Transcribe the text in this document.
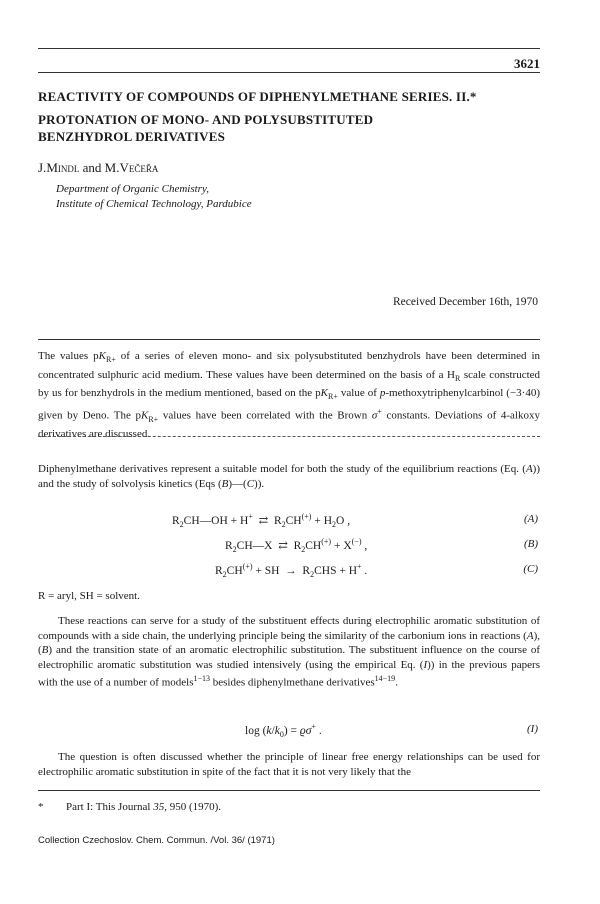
3621
REACTIVITY OF COMPOUNDS OF DIPHENYLMETHANE SERIES. II.*
PROTONATION OF MONO- AND POLYSUBSTITUTED
BENZHYDROL DERIVATIVES
J.Mindl and M.Večeřa
Department of Organic Chemistry,
Institute of Chemical Technology, Pardubice
Received December 16th, 1970
The values $pK_{R+}$ of a series of eleven mono- and six polysubstituted benzhydrols have been determined in concentrated sulphuric acid medium. These values have been determined on the basis of a $H_R$ scale constructed by us for benzhydrols in the medium mentioned, based on the $pK_{R+}$ value of p-methoxytriphenylcarbinol (−3·40) given by Deno. The $pK_{R+}$ values have been correlated with the Brown σ+ constants. Deviations of 4-alkoxy derivatives are discussed.
Diphenylmethane derivatives represent a suitable model for both the study of the equilibrium reactions (Eq. (A)) and the study of solvolysis kinetics (Eqs (B)—(C)).
$R_2CH—OH + H^+$  ⇄  $R_2CH^{(+)} + H_2O$ ,	(A)
$R_2CH—X$  ⇄  $R_2CH^{(+)} + X^{(-)}$ ,	(B)
$R_2CH^{(+)}$ + SH  →  $R_2CHS + H^+$ .	(C)
R = aryl, SH = solvent.
These reactions can serve for a study of the substituent effects during electrophilic aromatic substitution of compounds with a side chain, the underlying principle being the similarity of the carbonium ions in reactions (A), (B) and the transition state of an aromatic electrophilic substitution. The substituent influence on the course of electrophilic aromatic substitution was studied intensively (using the empirical Eq. (I)) in the previous papers with the use of a number of models$^{1-13}$ besides diphenylmethane derivatives$^{14-19}$.
$\log (k/k_0) = ϱ\sigma^+$ .	(I)
The question is often discussed whether the principle of linear free energy relationships can be used for electrophilic aromatic substitution in spite of the fact that it is not very likely that the
* Part I: This Journal 35, 950 (1970).
Collection Czechoslov. Chem. Commun. /Vol. 36/ (1971)
